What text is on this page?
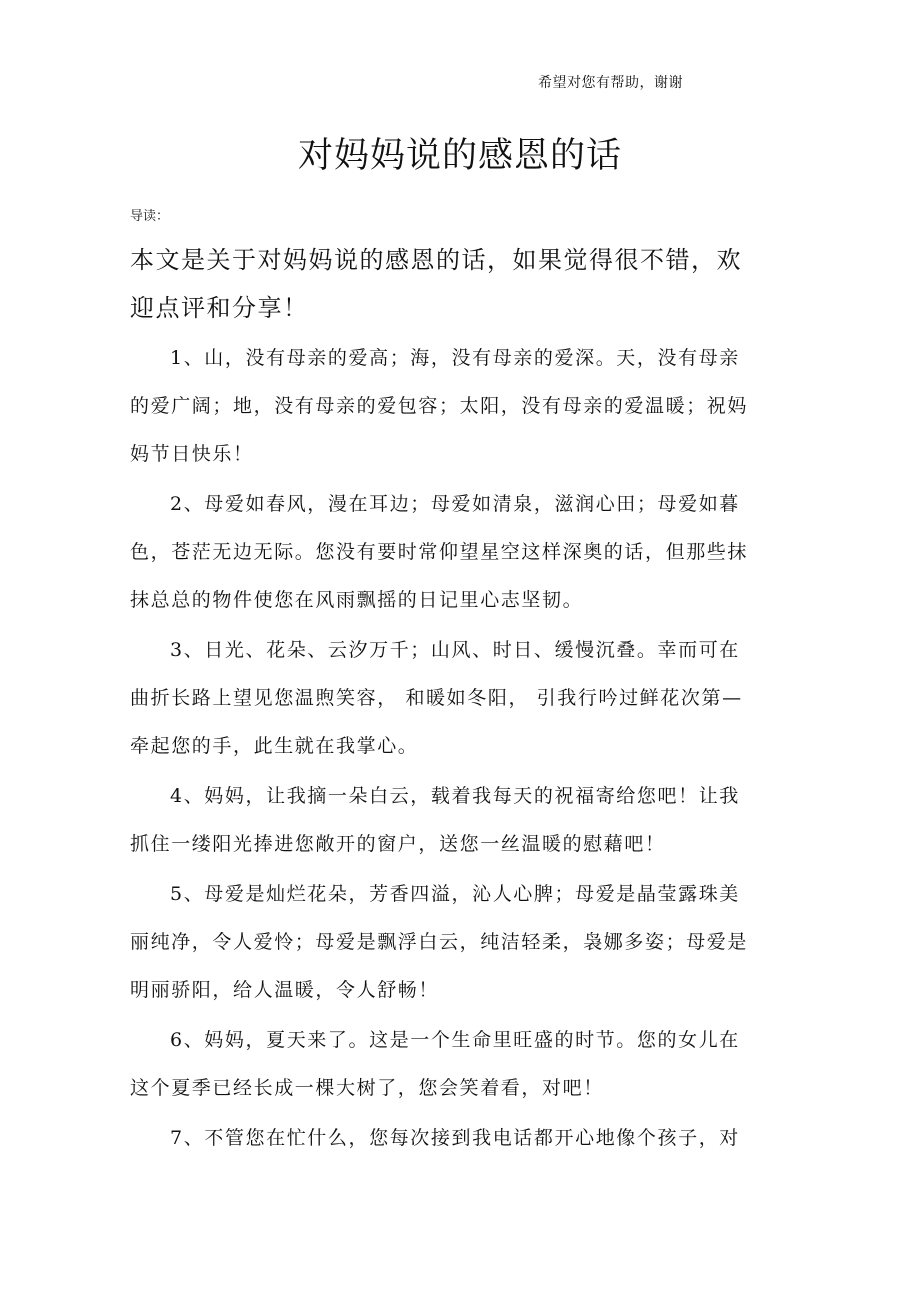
希望对您有帮助，谢谢
对妈妈说的感恩的话
导读：
本文是关于对妈妈说的感恩的话，如果觉得很不错，欢
迎点评和分享！

1、山，没有母亲的爱高；海，没有母亲的爱深。天，没有母亲
的爱广阔；地，没有母亲的爱包容；太阳，没有母亲的爱温暖；祝妈
妈节日快乐！

2、母爱如春风，漫在耳边；母爱如清泉，滋润心田；母爱如暮
色，苍茫无边无际。您没有要时常仰望星空这样深奥的话，但那些抹
抹总总的物件使您在风雨飘摇的日记里心志坚韧。

3、日光、花朵、云汐万千；山风、时日、缓慢沉叠。幸而可在
曲折长路上望见您温煦笑容， 和暖如冬阳， 引我行吟过鲜花次第—
牵起您的手，此生就在我掌心。

4、妈妈，让我摘一朵白云，载着我每天的祝福寄给您吧！让我
抓住一缕阳光捧进您敞开的窗户，送您一丝温暖的慰藉吧！

5、母爱是灿烂花朵，芳香四溢，沁人心脾；母爱是晶莹露珠美
丽纯净，令人爱怜；母爱是飘浮白云，纯洁轻柔，袅娜多姿；母爱是
明丽骄阳，给人温暖，令人舒畅！

6、妈妈，夏天来了。这是一个生命里旺盛的时节。您的女儿在
这个夏季已经长成一棵大树了，您会笑着看，对吧！

7、不管您在忙什么，您每次接到我电话都开心地像个孩子，对
